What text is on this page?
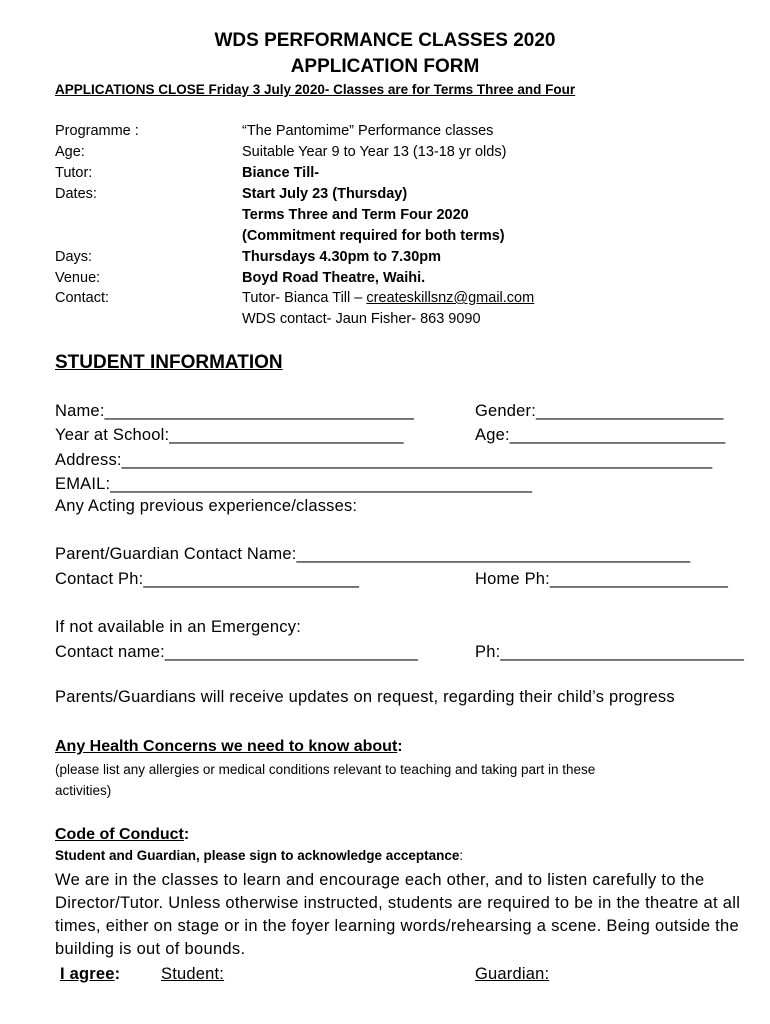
WDS PERFORMANCE CLASSES 2020
APPLICATION FORM
APPLICATIONS CLOSE Friday 3 July 2020- Classes are for Terms Three and Four
Programme :	“The Pantomime” Performance classes
Age:	Suitable Year 9 to Year 13 (13-18 yr olds)
Tutor:	Biance Till-
Dates:	Start July 23 (Thursday)
Terms Three and Term Four 2020
(Commitment required for both terms)
Days:	Thursdays 4.30pm to 7.30pm
Venue:	Boyd Road Theatre, Waihi.
Contact:	Tutor- Bianca Till – createskillsnz@gmail.com
WDS contact- Jaun Fisher- 863 9090
STUDENT INFORMATION
Name:_________________________________	Gender:____________________
Year at School:_________________________	Age:_______________________
Address:_______________________________________________________________
EMAIL:_____________________________________________
Any Acting previous experience/classes:
Parent/Guardian Contact Name:__________________________________________
Contact Ph:_______________________	Home Ph:___________________
If not available in an Emergency:
Contact name:___________________________	Ph:__________________________
Parents/Guardians will receive updates on request, regarding their child’s progress
Any Health Concerns we need to know about:
(please list any allergies or medical conditions relevant to teaching and taking part in these
activities)
Code of Conduct:
Student and Guardian, please sign to acknowledge acceptance:
We are in the classes to learn and encourage each other, and to listen carefully to the Director/Tutor. Unless otherwise instructed, students are required to be in the theatre at all times, either on stage or in the foyer learning words/rehearsing a scene. Being outside the building is out of bounds.
I agree: Student:	Guardian:
